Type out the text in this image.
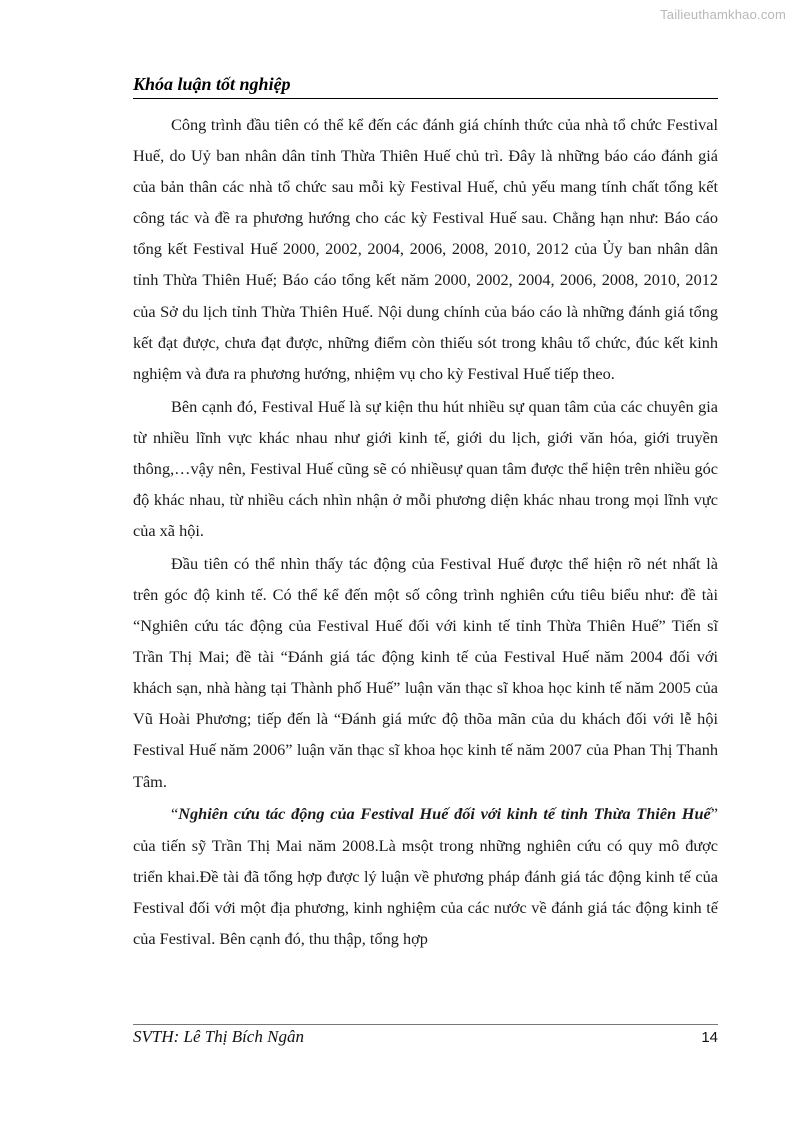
Tailieuthamkhao.com
Khóa luận tốt nghiệp

Công trình đầu tiên có thể kể đến các đánh giá chính thức của nhà tổ chức Festival Huế, do Uỷ ban nhân dân tỉnh Thừa Thiên Huế chủ trì. Đây là những báo cáo đánh giá của bản thân các nhà tổ chức sau mỗi kỳ Festival Huế, chủ yếu mang tính chất tổng kết công tác và đề ra phương hướng cho các kỳ Festival Huế sau. Chẳng hạn như: Báo cáo tổng kết Festival Huế 2000, 2002, 2004, 2006, 2008, 2010, 2012 của Ủy ban nhân dân tỉnh Thừa Thiên Huế; Báo cáo tổng kết năm 2000, 2002, 2004, 2006, 2008, 2010, 2012 của Sở du lịch tỉnh Thừa Thiên Huế. Nội dung chính của báo cáo là những đánh giá tổng kết đạt được, chưa đạt được, những điểm còn thiếu sót trong khâu tổ chức, đúc kết kinh nghiệm và đưa ra phương hướng, nhiệm vụ cho kỳ Festival Huế tiếp theo.

Bên cạnh đó, Festival Huế là sự kiện thu hút nhiều sự quan tâm của các chuyên gia từ nhiều lĩnh vực khác nhau như giới kinh tế, giới du lịch, giới văn hóa, giới truyền thông,…vậy nên, Festival Huế cũng sẽ có nhiềusự quan tâm được thể hiện trên nhiều góc độ khác nhau, từ nhiều cách nhìn nhận ở mỗi phương diện khác nhau trong mọi lĩnh vực của xã hội.

Đầu tiên có thể nhìn thấy tác động của Festival Huế được thể hiện rõ nét nhất là trên góc độ kinh tế. Có thể kể đến một số công trình nghiên cứu tiêu biểu như: đề tài “Nghiên cứu tác động của Festival Huế đối với kinh tế tỉnh Thừa Thiên Huế” Tiến sĩ Trần Thị Mai; đề tài “Đánh giá tác động kinh tế của Festival Huế năm 2004 đối với khách sạn, nhà hàng tại Thành phố Huế” luận văn thạc sĩ khoa học kinh tế năm 2005 của Vũ Hoài Phương; tiếp đến là “Đánh giá mức độ thõa mãn của du khách đối với lễ hội Festival Huế năm 2006” luận văn thạc sĩ khoa học kinh tế năm 2007 của Phan Thị Thanh Tâm.

“Nghiên cứu tác động của Festival Huế đối với kinh tế tỉnh Thừa Thiên Huế” của tiến sỹ Trần Thị Mai năm 2008.Là msột trong những nghiên cứu có quy mô được triển khai.Đề tài đã tổng hợp được lý luận về phương pháp đánh giá tác động kinh tế của Festival đối với một địa phương, kinh nghiệm của các nước về đánh giá tác động kinh tế của Festival. Bên cạnh đó, thu thập, tổng hợp

SVTH: Lê Thị Bích Ngân	14
